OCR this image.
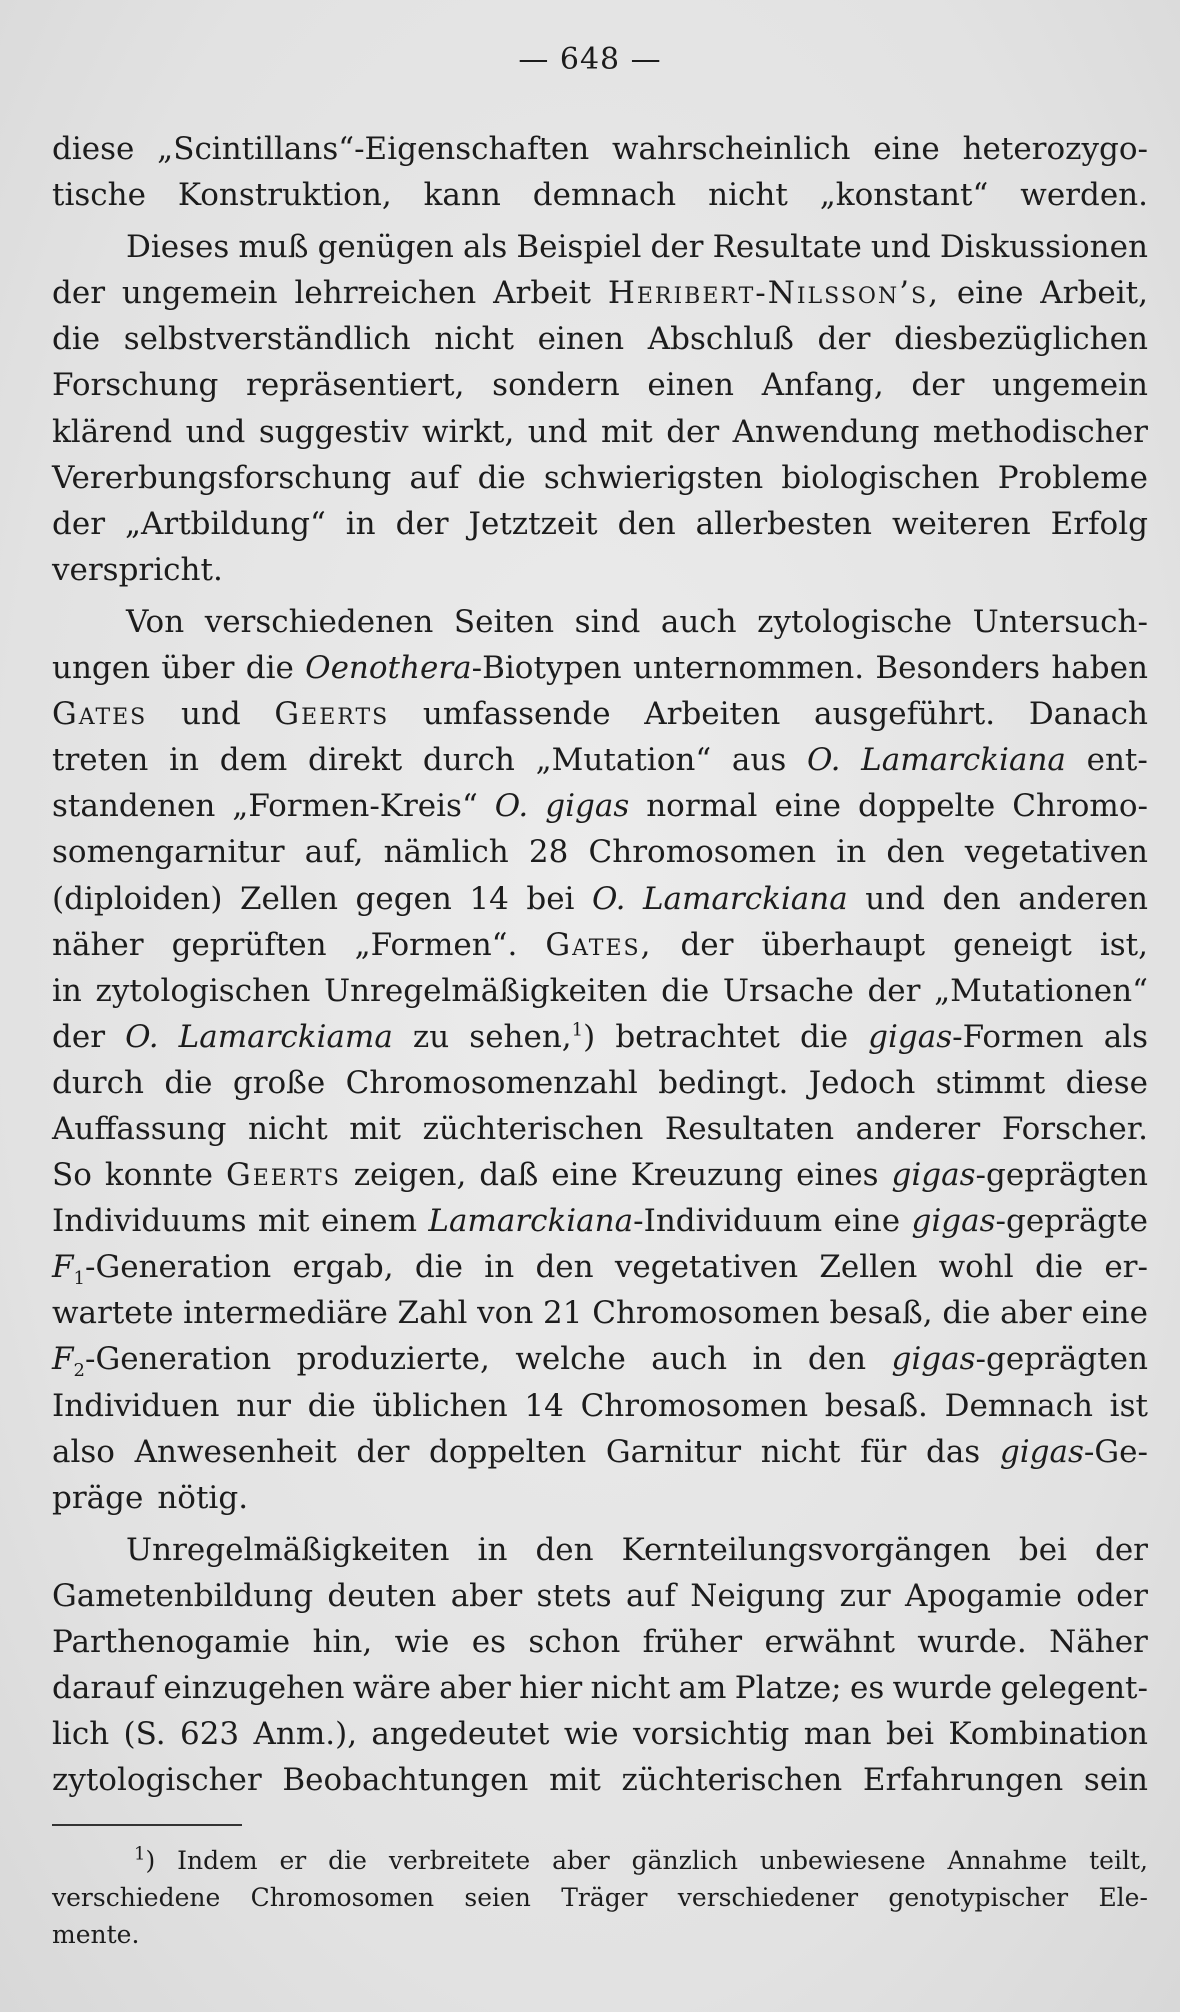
— 648 —
diese „Scintillans“-Eigenschaften wahrscheinlich eine heterozygo-
tische Konstruktion, kann demnach nicht „konstant“ werden.
Dieses muß genügen als Beispiel der Resultate und Diskussionen
der ungemein lehrreichen Arbeit Heribert-Nilsson’s, eine Arbeit,
die selbstverständlich nicht einen Abschluß der diesbezüglichen
Forschung repräsentiert, sondern einen Anfang, der ungemein
klärend und suggestiv wirkt, und mit der Anwendung methodischer
Vererbungsforschung auf die schwierigsten biologischen Probleme
der „Artbildung“ in der Jetztzeit den allerbesten weiteren Erfolg
verspricht.
Von verschiedenen Seiten sind auch zytologische Untersuch-
ungen über die Oenothera-Biotypen unternommen. Besonders haben
Gates und Geerts umfassende Arbeiten ausgeführt. Danach
treten in dem direkt durch „Mutation“ aus O. Lamarckiana ent-
standenen „Formen-Kreis“ O. gigas normal eine doppelte Chromo-
somengarnitur auf, nämlich 28 Chromosomen in den vegetativen
(diploiden) Zellen gegen 14 bei O. Lamarckiana und den anderen
näher geprüften „Formen“. Gates, der überhaupt geneigt ist,
in zytologischen Unregelmäßigkeiten die Ursache der „Mutationen“
der O. Lamarckiama zu sehen,$^1$) betrachtet die gigas-Formen als
durch die große Chromosomenzahl bedingt. Jedoch stimmt diese
Auffassung nicht mit züchterischen Resultaten anderer Forscher.
So konnte Geerts zeigen, daß eine Kreuzung eines gigas-geprägten
Individuums mit einem Lamarckiana-Individuum eine gigas-geprägte
$F_1$-Generation ergab, die in den vegetativen Zellen wohl die er-
wartete intermediäre Zahl von 21 Chromosomen besaß, die aber eine
$F_2$-Generation produzierte, welche auch in den gigas-geprägten
Individuen nur die üblichen 14 Chromosomen besaß. Demnach ist
also Anwesenheit der doppelten Garnitur nicht für das gigas-Ge-
präge nötig.
Unregelmäßigkeiten in den Kernteilungsvorgängen bei der
Gametenbildung deuten aber stets auf Neigung zur Apogamie oder
Parthenogamie hin, wie es schon früher erwähnt wurde. Näher
darauf einzugehen wäre aber hier nicht am Platze; es wurde gelegent-
lich (S. 623 Anm.), angedeutet wie vorsichtig man bei Kombination
zytologischer Beobachtungen mit züchterischen Erfahrungen sein
$^1$) Indem er die verbreitete aber gänzlich unbewiesene Annahme teilt,
verschiedene Chromosomen seien Träger verschiedener genotypischer Ele-
mente.
